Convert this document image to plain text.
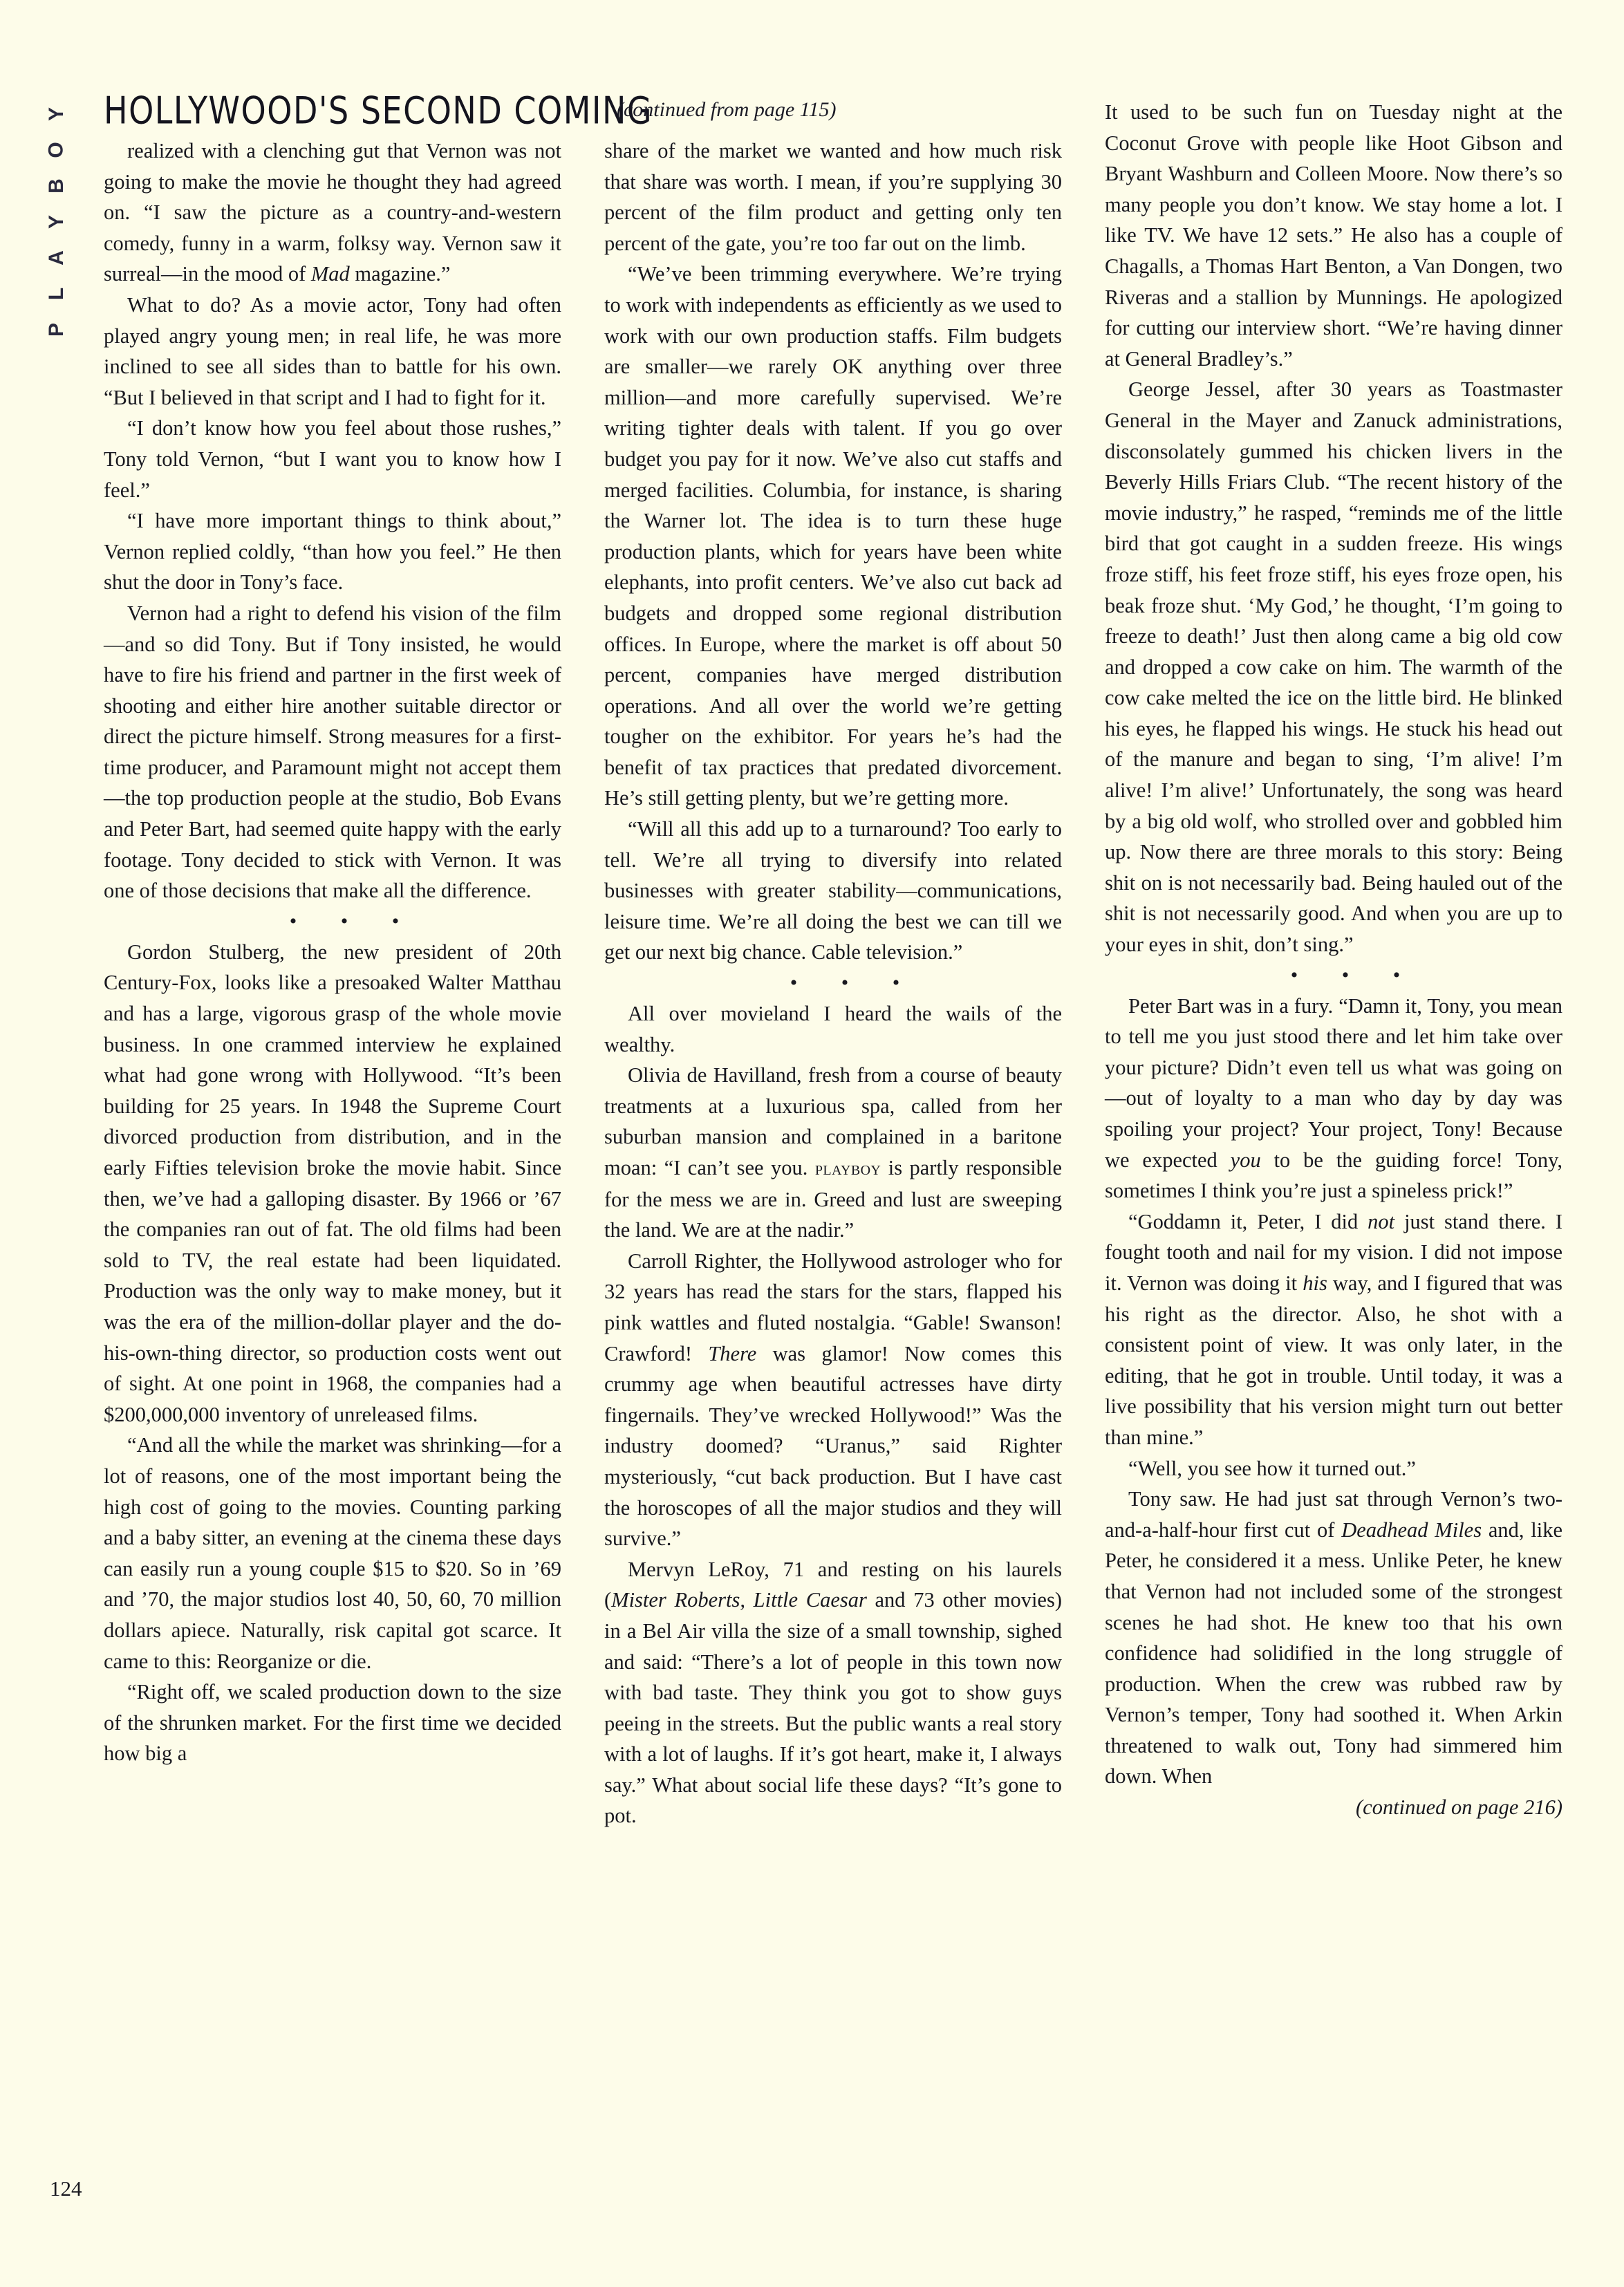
Y
O
B
Y
A
L
P
HOLLYWOOD'S SECOND COMING
(continued from page 115)

realized with a clenching gut that Vernon was not going to make the movie he thought they had agreed on. “I saw the picture as a country-and-western comedy, funny in a warm, folksy way. Vernon saw it surreal—in the mood of Mad magazine.”

What to do? As a movie actor, Tony had often played angry young men; in real life, he was more inclined to see all sides than to battle for his own. “But I believed in that script and I had to fight for it.

“I don’t know how you feel about those rushes,” Tony told Vernon, “but I want you to know how I feel.”

“I have more important things to think about,” Vernon replied coldly, “than how you feel.” He then shut the door in Tony’s face.

Vernon had a right to defend his vision of the film—and so did Tony. But if Tony insisted, he would have to fire his friend and partner in the first week of shooting and either hire another suitable director or direct the picture himself. Strong measures for a first-time producer, and Paramount might not accept them—the top production people at the studio, Bob Evans and Peter Bart, had seemed quite happy with the early footage. Tony decided to stick with Vernon. It was one of those decisions that make all the difference.

• • •

Gordon Stulberg, the new president of 20th Century-Fox, looks like a presoaked Walter Matthau and has a large, vigorous grasp of the whole movie business. In one crammed interview he explained what had gone wrong with Hollywood. “It’s been building for 25 years. In 1948 the Supreme Court divorced production from distribution, and in the early Fifties television broke the movie habit. Since then, we’ve had a galloping disaster. By 1966 or ’67 the companies ran out of fat. The old films had been sold to TV, the real estate had been liquidated. Production was the only way to make money, but it was the era of the million-dollar player and the do-his-own-thing director, so production costs went out of sight. At one point in 1968, the companies had a $200,000,000 inventory of unreleased films.

“And all the while the market was shrinking—for a lot of reasons, one of the most important being the high cost of going to the movies. Counting parking and a baby sitter, an evening at the cinema these days can easily run a young couple $15 to $20. So in ’69 and ’70, the major studios lost 40, 50, 60, 70 million dollars apiece. Naturally, risk capital got scarce. It came to this: Reorganize or die.

“Right off, we scaled production down to the size of the shrunken market. For the first time we decided how big a

share of the market we wanted and how much risk that share was worth. I mean, if you’re supplying 30 percent of the film product and getting only ten percent of the gate, you’re too far out on the limb.

“We’ve been trimming everywhere. We’re trying to work with independents as efficiently as we used to work with our own production staffs. Film budgets are smaller—we rarely OK anything over three million—and more carefully supervised. We’re writing tighter deals with talent. If you go over budget you pay for it now. We’ve also cut staffs and merged facilities. Columbia, for instance, is sharing the Warner lot. The idea is to turn these huge production plants, which for years have been white elephants, into profit centers. We’ve also cut back ad budgets and dropped some regional distribution offices. In Europe, where the market is off about 50 percent, companies have merged distribution operations. And all over the world we’re getting tougher on the exhibitor. For years he’s had the benefit of tax practices that predated divorcement. He’s still getting plenty, but we’re getting more.

“Will all this add up to a turnaround? Too early to tell. We’re all trying to diversify into related businesses with greater stability—communications, leisure time. We’re all doing the best we can till we get our next big chance. Cable television.”

• • •

All over movieland I heard the wails of the wealthy.

Olivia de Havilland, fresh from a course of beauty treatments at a luxurious spa, called from her suburban mansion and complained in a baritone moan: “I can’t see you. playboy is partly responsible for the mess we are in. Greed and lust are sweeping the land. We are at the nadir.”

Carroll Righter, the Hollywood astrologer who for 32 years has read the stars for the stars, flapped his pink wattles and fluted nostalgia. “Gable! Swanson! Crawford! There was glamor! Now comes this crummy age when beautiful actresses have dirty fingernails. They’ve wrecked Hollywood!” Was the industry doomed? “Uranus,” said Righter mysteriously, “cut back production. But I have cast the horoscopes of all the major studios and they will survive.”

Mervyn LeRoy, 71 and resting on his laurels (Mister Roberts, Little Caesar and 73 other movies) in a Bel Air villa the size of a small township, sighed and said: “There’s a lot of people in this town now with bad taste. They think you got to show guys peeing in the streets. But the public wants a real story with a lot of laughs. If it’s got heart, make it, I always say.” What about social life these days? “It’s gone to pot.

It used to be such fun on Tuesday night at the Coconut Grove with people like Hoot Gibson and Bryant Washburn and Colleen Moore. Now there’s so many people you don’t know. We stay home a lot. I like TV. We have 12 sets.” He also has a couple of Chagalls, a Thomas Hart Benton, a Van Dongen, two Riveras and a stallion by Munnings. He apologized for cutting our interview short. “We’re having dinner at General Bradley’s.”

George Jessel, after 30 years as Toastmaster General in the Mayer and Zanuck administrations, disconsolately gummed his chicken livers in the Beverly Hills Friars Club. “The recent history of the movie industry,” he rasped, “reminds me of the little bird that got caught in a sudden freeze. His wings froze stiff, his feet froze stiff, his eyes froze open, his beak froze shut. ‘My God,’ he thought, ‘I’m going to freeze to death!’ Just then along came a big old cow and dropped a cow cake on him. The warmth of the cow cake melted the ice on the little bird. He blinked his eyes, he flapped his wings. He stuck his head out of the manure and began to sing, ‘I’m alive! I’m alive! I’m alive!’ Unfortunately, the song was heard by a big old wolf, who strolled over and gobbled him up. Now there are three morals to this story: Being shit on is not necessarily bad. Being hauled out of the shit is not necessarily good. And when you are up to your eyes in shit, don’t sing.”

• • •

Peter Bart was in a fury. “Damn it, Tony, you mean to tell me you just stood there and let him take over your picture? Didn’t even tell us what was going on—out of loyalty to a man who day by day was spoiling your project? Your project, Tony! Because we expected you to be the guiding force! Tony, sometimes I think you’re just a spineless prick!”

“Goddamn it, Peter, I did not just stand there. I fought tooth and nail for my vision. I did not impose it. Vernon was doing it his way, and I figured that was his right as the director. Also, he shot with a consistent point of view. It was only later, in the editing, that he got in trouble. Until today, it was a live possibility that his version might turn out better than mine.”

“Well, you see how it turned out.”

Tony saw. He had just sat through Vernon’s two-and-a-half-hour first cut of Deadhead Miles and, like Peter, he considered it a mess. Unlike Peter, he knew that Vernon had not included some of the strongest scenes he had shot. He knew too that his own confidence had solidified in the long struggle of production. When the crew was rubbed raw by Vernon’s temper, Tony had soothed it. When Arkin threatened to walk out, Tony had simmered him down. When

(continued on page 216)

124
